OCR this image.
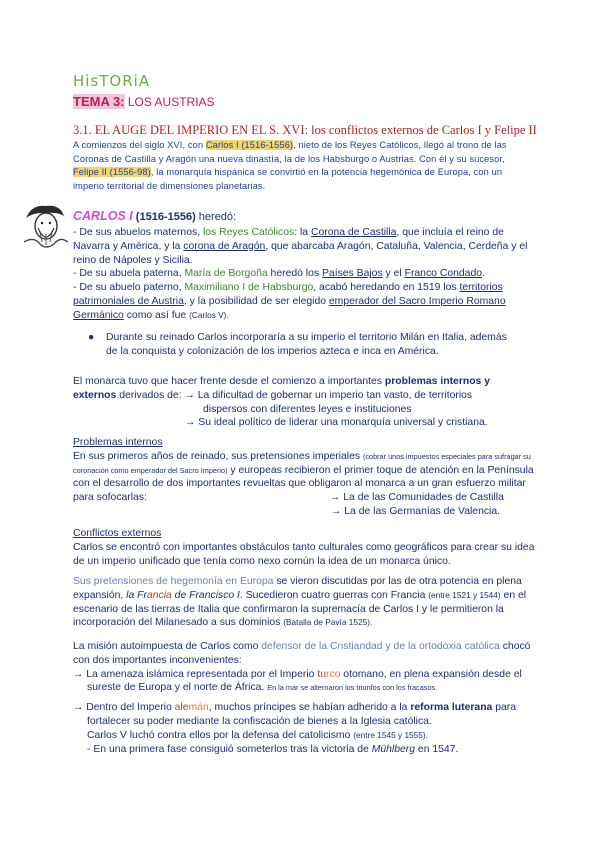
HisTORiA
TEMA 3: LOS AUSTRIAS
3.1. EL AUGE DEL IMPERIO EN EL S. XVI: los conflictos externos de Carlos I y Felipe II
A comienzos del siglo XVI, con Carlos I (1516-1556), nieto de los Reyes Católicos, llegó al trono de las Coronas de Castilla y Aragón una nueva dinastía, la de los Habsburgo o Austrias. Con él y su sucesor, Felipe II (1556-98), la monarquía hispánica se convirtió en la potencia hegemónica de Europa, con un imperio territorial de dimensiones planetarias.
CARLOS I (1516-1556) heredó:
- De sus abuelos maternos, los Reyes Católicos: la Corona de Castilla, que incluía el reino de Navarra y América, y la corona de Aragón, que abarcaba Aragón, Cataluña, Valencia, Cerdeña y el reino de Nápoles y Sicilia.
- De su abuela paterna, María de Borgoña heredó los Países Bajos y el Franco Condado.
- De su abuelo paterno, Maximiliano I de Habsburgo, acabó heredando en 1519 los territorios patrimoniales de Austria, y la posibilidad de ser elegido emperador del Sacro Imperio Romano Germánico como así fue (Carlos V).
● Durante su reinado Carlos incorporaría a su imperio el territorio Milán en Italia, además de la conquista y colonización de los imperios azteca e inca en América.
El monarca tuvo que hacer frente desde el comienzo a importantes problemas internos y externos derivados de: → La dificultad de gobernar un imperio tan vasto, de territorios
dispersos con diferentes leyes e instituciones
→ Su ideal político de liderar una monarquía universal y cristiana.
Problemas internos
En sus primeros años de reinado, sus pretensiones imperiales (cobrar unos impuestos especiales para sufragar su coronación como emperador del Sacro Imperio) y europeas recibieron el primer toque de atención en la Península con el desarrollo de dos importantes revueltas que obligaron al monarca a un gran esfuerzo militar para sofocarlas:
→ La de las Germanías de Valencia.
→ La de las Comunidades de Castilla
Conflictos externos
Carlos se encontró con importantes obstáculos tanto culturales como geográficos para crear su idea de un imperio unificado que tenía como nexo común la idea de un monarca único.
Sus pretensiones de hegemonía en Europa se vieron discutidas por las de otra potencia en plena expansión, la Francia de Francisco I. Sucedieron cuatro guerras con Francia (entre 1521 y 1544) en el escenario de las tierras de Italia que confirmaron la supremacía de Carlos I y le permitieron la incorporación del Milanesado a sus dominios (Batalla de Pavía 1525).
La misión autoimpuesta de Carlos como defensor de la Cristiandad y de la ortodoxia católica chocó con dos importantes inconvenientes:
→ La amenaza islámica representada por el Imperio turco otomano, en plena expansión desde el sureste de Europa y el norte de África. En la mar se alternaron los triunfos con los fracasos.
→ Dentro del Imperio alemán, muchos príncipes se habían adherido a la reforma luterana para fortalecer su poder mediante la confiscación de bienes a la Iglesia católica.
Carlos V luchó contra ellos por la defensa del catolicismo (entre 1545 y 1555).
- En una primera fase consiguió someterlos tras la victoria de Mühlberg en 1547.
